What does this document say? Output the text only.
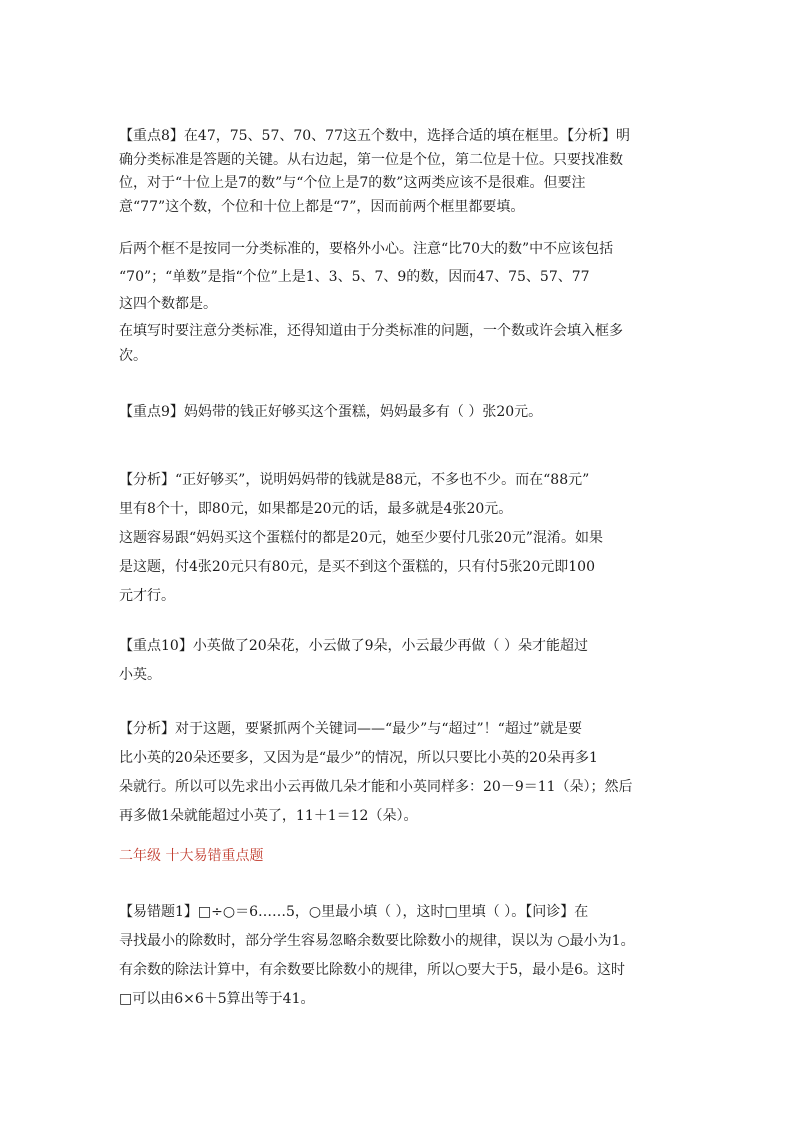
【重点8】在47，75、57、70、77这五个数中，选择合适的填在框里。【分析】明
确分类标准是答题的关键。从右边起，第一位是个位，第二位是十位。只要找准数
位，对于“十位上是7的数”与“个位上是7的数”这两类应该不是很难。但要注
意“77”这个数，个位和十位上都是“7”，因而前两个框里都要填。
后两个框不是按同一分类标准的，要格外小心。注意“比70大的数”中不应该包括
“70”；“单数”是指“个位”上是1、3、5、7、9的数，因而47、75、57、77
这四个数都是。
在填写时要注意分类标准，还得知道由于分类标准的问题，一个数或许会填入框多
次。
【重点9】妈妈带的钱正好够买这个蛋糕，妈妈最多有（ ）张20元。
【分析】“正好够买”，说明妈妈带的钱就是88元，不多也不少。而在“88元”
里有8个十，即80元，如果都是20元的话，最多就是4张20元。
这题容易跟“妈妈买这个蛋糕付的都是20元，她至少要付几张20元”混淆。如果
是这题，付4张20元只有80元，是买不到这个蛋糕的，只有付5张20元即100
元才行。
【重点10】小英做了20朵花，小云做了9朵，小云最少再做（ ）朵才能超过
小英。
【分析】对于这题，要紧抓两个关键词——“最少”与“超过”！“超过”就是要
比小英的20朵还要多，又因为是“最少”的情况，所以只要比小英的20朵再多1
朵就行。所以可以先求出小云再做几朵才能和小英同样多：20－9＝11（朵）；然后
再多做1朵就能超过小英了，11＋1＝12（朵）。
二年级 十大易错重点题
【易错题1】□÷○＝6……5，○里最小填（ ），这时□里填（ ）。【问诊】在
寻找最小的除数时，部分学生容易忽略余数要比除数小的规律，误以为 ○最小为1。
有余数的除法计算中，有余数要比除数小的规律，所以○要大于5，最小是6。这时
□可以由6×6＋5算出等于41。
